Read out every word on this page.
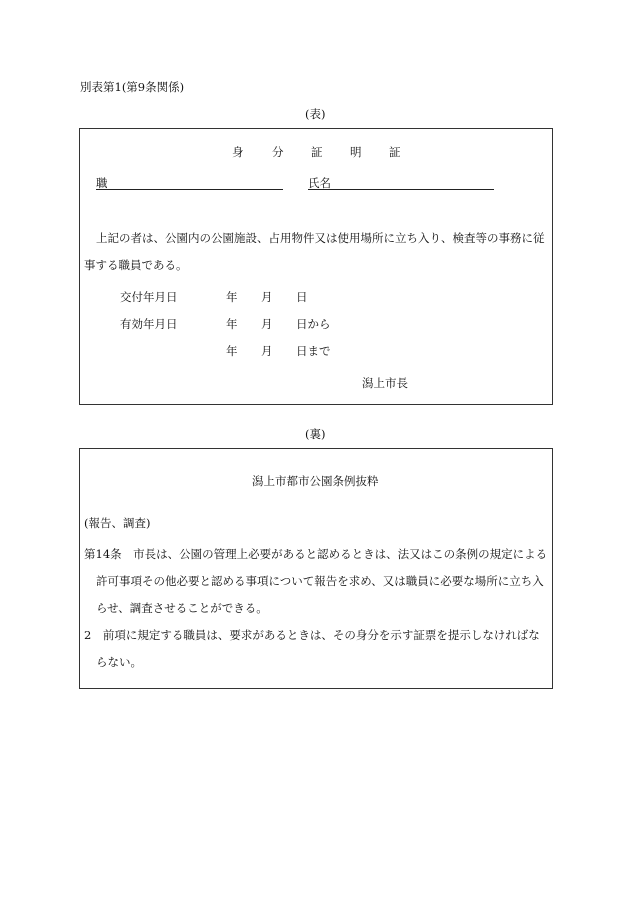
別表第1(第9条関係)
(表)
身 分 証 明 証
職	氏名
上記の者は、公園内の公園施設、占用物件又は使用場所に立ち入り、検査等の事務に従
事する職員である。
交付年月日	年 月 日
有効年月日	年 月 日から
年 月 日まで
潟上市長
(裏)
潟上市都市公園条例抜粋
(報告、調査)
第14条　市長は、公園の管理上必要があると認めるときは、法又はこの条例の規定による
許可事項その他必要と認める事項について報告を求め、又は職員に必要な場所に立ち入
らせ、調査させることができる。
2　前項に規定する職員は、要求があるときは、その身分を示す証票を提示しなければな
らない。
